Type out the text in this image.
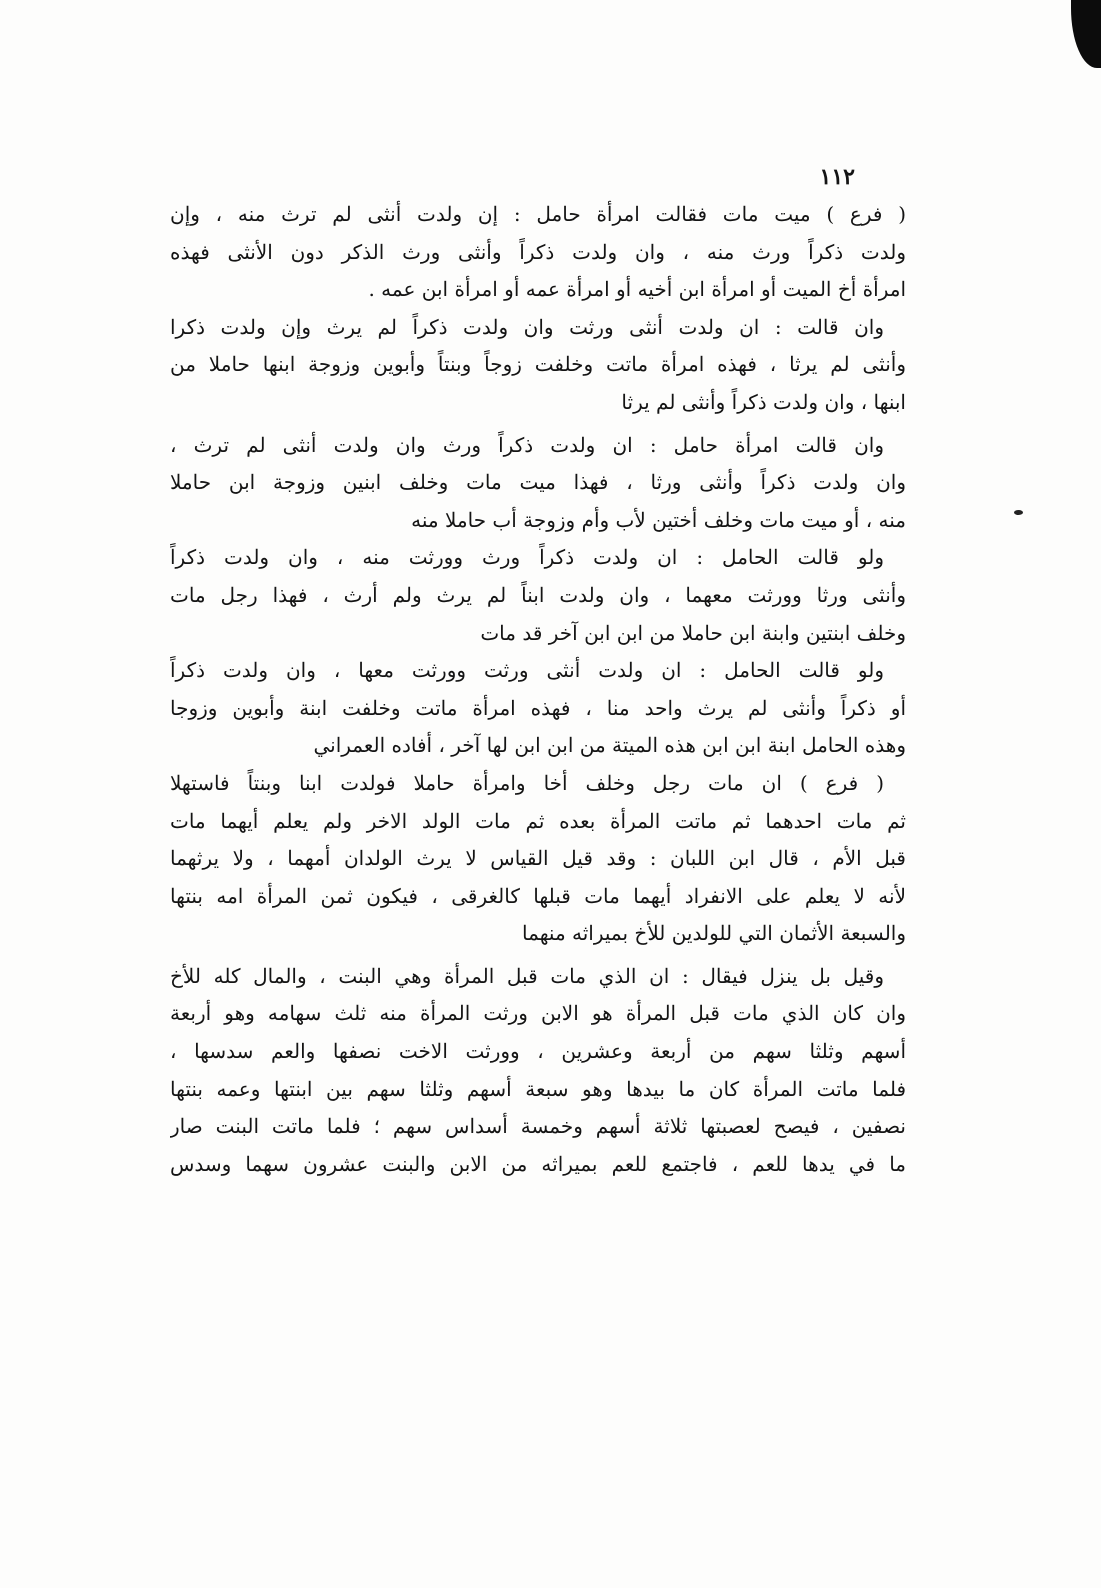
١١٢
( فرع ) ميت مات فقالت امرأة حامل : إن ولدت أنثى لم ترث منه ، وإن
ولدت ذكراً ورث منه ، وان ولدت ذكراً وأنثى ورث الذكر دون الأنثى فهذه
امرأة أخ الميت أو امرأة ابن أخيه أو امرأة عمه أو امرأة ابن عمه .
وان قالت : ان ولدت أنثى ورثت وان ولدت ذكراً لم يرث وإن ولدت ذكرا
وأنثى لم يرثا ، فهذه امرأة ماتت وخلفت زوجاً وبنتاً وأبوين وزوجة ابنها حاملا من
ابنها ، وان ولدت ذكراً وأنثى لم يرثا
وان قالت امرأة حامل : ان ولدت ذكراً ورث وان ولدت أنثى لم ترث ،
وان ولدت ذكراً وأنثى ورثا ، فهذا ميت مات وخلف ابنين وزوجة ابن حاملا
منه ، أو ميت مات وخلف أختين لأب وأم وزوجة أب حاملا منه
ولو قالت الحامل : ان ولدت ذكراً ورث وورثت منه ، وان ولدت ذكراً
وأنثى ورثا وورثت معهما ، وان ولدت ابناً لم يرث ولم أرث ، فهذا رجل مات
وخلف ابنتين وابنة ابن حاملا من ابن ابن آخر قد مات
ولو قالت الحامل : ان ولدت أنثى ورثت وورثت معها ، وان ولدت ذكراً
أو ذكراً وأنثى لم يرث واحد منا ، فهذه امرأة ماتت وخلفت ابنة وأبوين وزوجا
وهذه الحامل ابنة ابن ابن هذه الميتة من ابن ابن لها آخر ، أفاده العمراني
( فرع ) ان مات رجل وخلف أخا وامرأة حاملا فولدت ابنا وبنتاً فاستهلا
ثم مات احدهما ثم ماتت المرأة بعده ثم مات الولد الاخر ولم يعلم أيهما مات
قبل الأم ، قال ابن اللبان : وقد قيل القياس لا يرث الولدان أمهما ، ولا يرثهما
لأنه لا يعلم على الانفراد أيهما مات قبلها كالغرقى ، فيكون ثمن المرأة امه بنتها
والسبعة الأثمان التي للولدين للأخ بميراثه منهما
وقيل بل ينزل فيقال : ان الذي مات قبل المرأة وهي البنت ، والمال كله للأخ
وان كان الذي مات قبل المرأة هو الابن ورثت المرأة منه ثلث سهامه وهو أربعة
أسهم وثلثا سهم من أربعة وعشرين ، وورثت الاخت نصفها والعم سدسها ،
فلما ماتت المرأة كان ما بيدها وهو سبعة أسهم وثلثا سهم بين ابنتها وعمه بنتها
نصفين ، فيصح لعصبتها ثلاثة أسهم وخمسة أسداس سهم ؛ فلما ماتت البنت صار
ما في يدها للعم ، فاجتمع للعم بميراثه من الابن والبنت عشرون سهما وسدس
